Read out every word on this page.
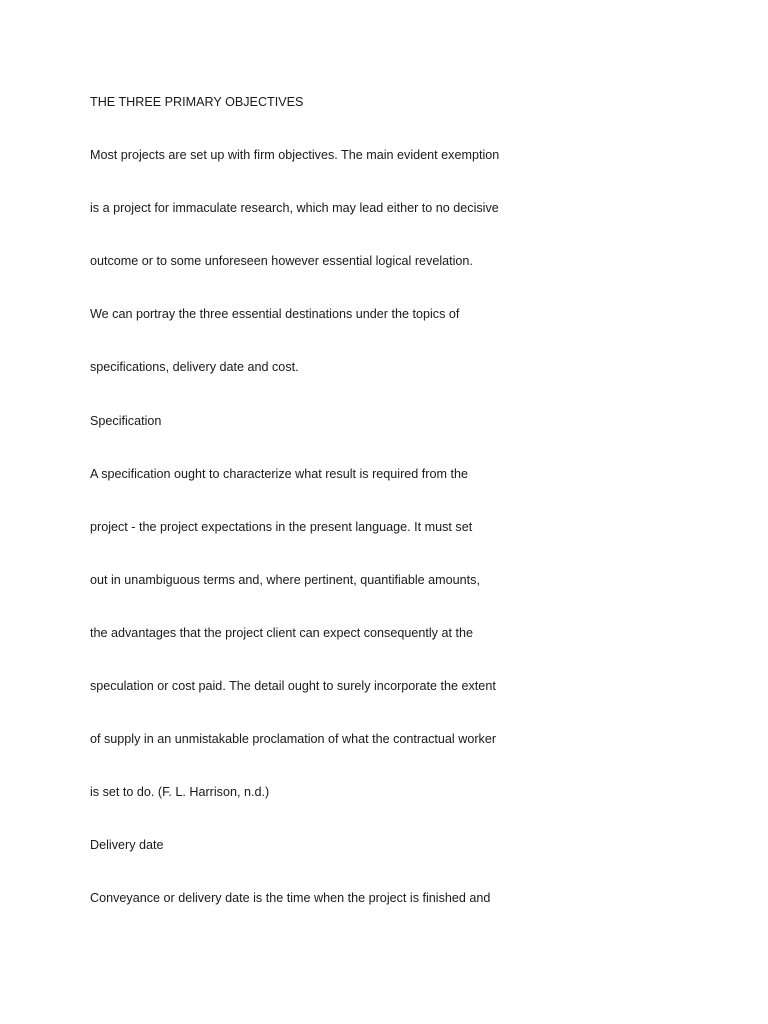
THE THREE PRIMARY OBJECTIVES
Most projects are set up with firm objectives. The main evident exemption
is a project for immaculate research, which may lead either to no decisive
outcome or to some unforeseen however essential logical revelation.
We can portray the three essential destinations under the topics of
specifications, delivery date and cost.
Specification
A specification ought to characterize what result is required from the
project - the project expectations in the present language. It must set
out in unambiguous terms and, where pertinent, quantifiable amounts,
the advantages that the project client can expect consequently at the
speculation or cost paid. The detail ought to surely incorporate the extent
of supply in an unmistakable proclamation of what the contractual worker
is set to do. (F. L. Harrison, n.d.)
Delivery date
Conveyance or delivery date is the time when the project is finished and
